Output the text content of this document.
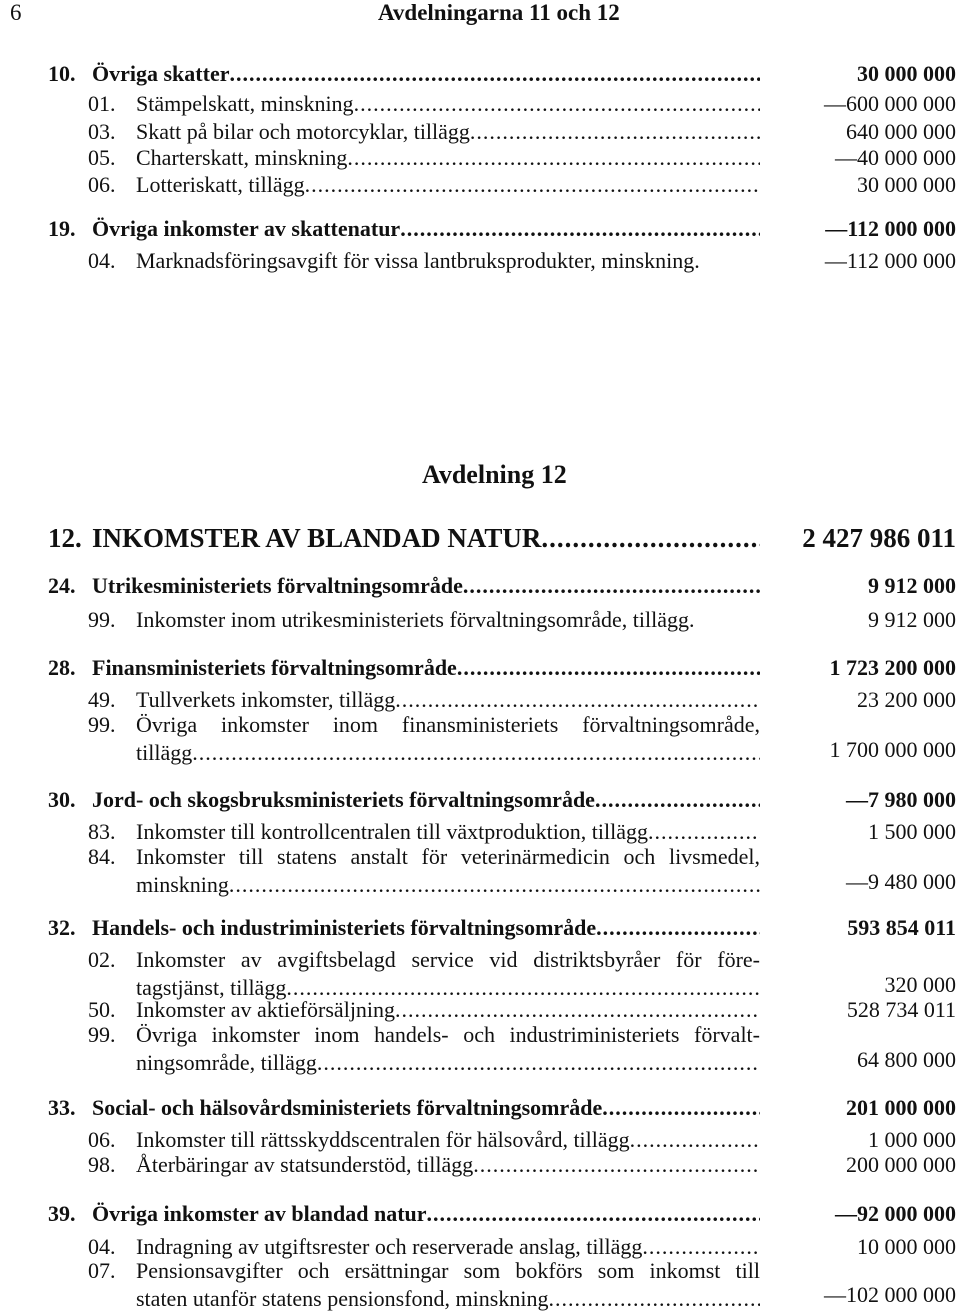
6	Avdelningarna 11 och 12
10. Övriga skatter .....	30 000 000
01. Stämpelskatt, minskning .....	—600 000 000
03. Skatt på bilar och motorcyklar, tillägg .....	640 000 000
05. Charterskatt, minskning .....	—40 000 000
06. Lotteriskatt, tillägg .....	30 000 000
19. Övriga inkomster av skattenatur .....	—112 000 000
04. Marknadsföringsavgift för vissa lantbruksprodukter, minskning.	—112 000 000
Avdelning 12
12. INKOMSTER AV BLANDAD NATUR .....	2 427 986 011
24. Utrikesministeriets förvaltningsområde .....	9 912 000
99. Inkomster inom utrikesministeriets förvaltningsområde, tillägg.	9 912 000
28. Finansministeriets förvaltningsområde .....	1 723 200 000
49. Tullverkets inkomster, tillägg .....	23 200 000
99. Övriga inkomster inom finansministeriets förvaltningsområde,
tillägg .....	1 700 000 000
30. Jord- och skogsbruksministeriets förvaltningsområde .....	—7 980 000
83. Inkomster till kontrollcentralen till växtproduktion, tillägg .....	1 500 000
84. Inkomster till statens anstalt för veterinärmedicin och livsmedel,
minskning .....	—9 480 000
32. Handels- och industriministeriets förvaltningsområde .....	593 854 011
02. Inkomster av avgiftsbelagd service vid distriktsbyråer för före-
tagstjänst, tillägg .....	320 000
50. Inkomster av aktieförsäljning .....	528 734 011
99. Övriga inkomster inom handels- och industriministeriets förvalt-
ningsområde, tillägg .....	64 800 000
33. Social- och hälsovårdsministeriets förvaltningsområde .....	201 000 000
06. Inkomster till rättsskyddscentralen för hälsovård, tillägg .....	1 000 000
98. Återbäringar av statsunderstöd, tillägg .....	200 000 000
39. Övriga inkomster av blandad natur .....	—92 000 000
04. Indragning av utgiftsrester och reserverade anslag, tillägg .....	10 000 000
07. Pensionsavgifter och ersättningar som bokförs som inkomst till
staten utanför statens pensionsfond, minskning .....	—102 000 000
